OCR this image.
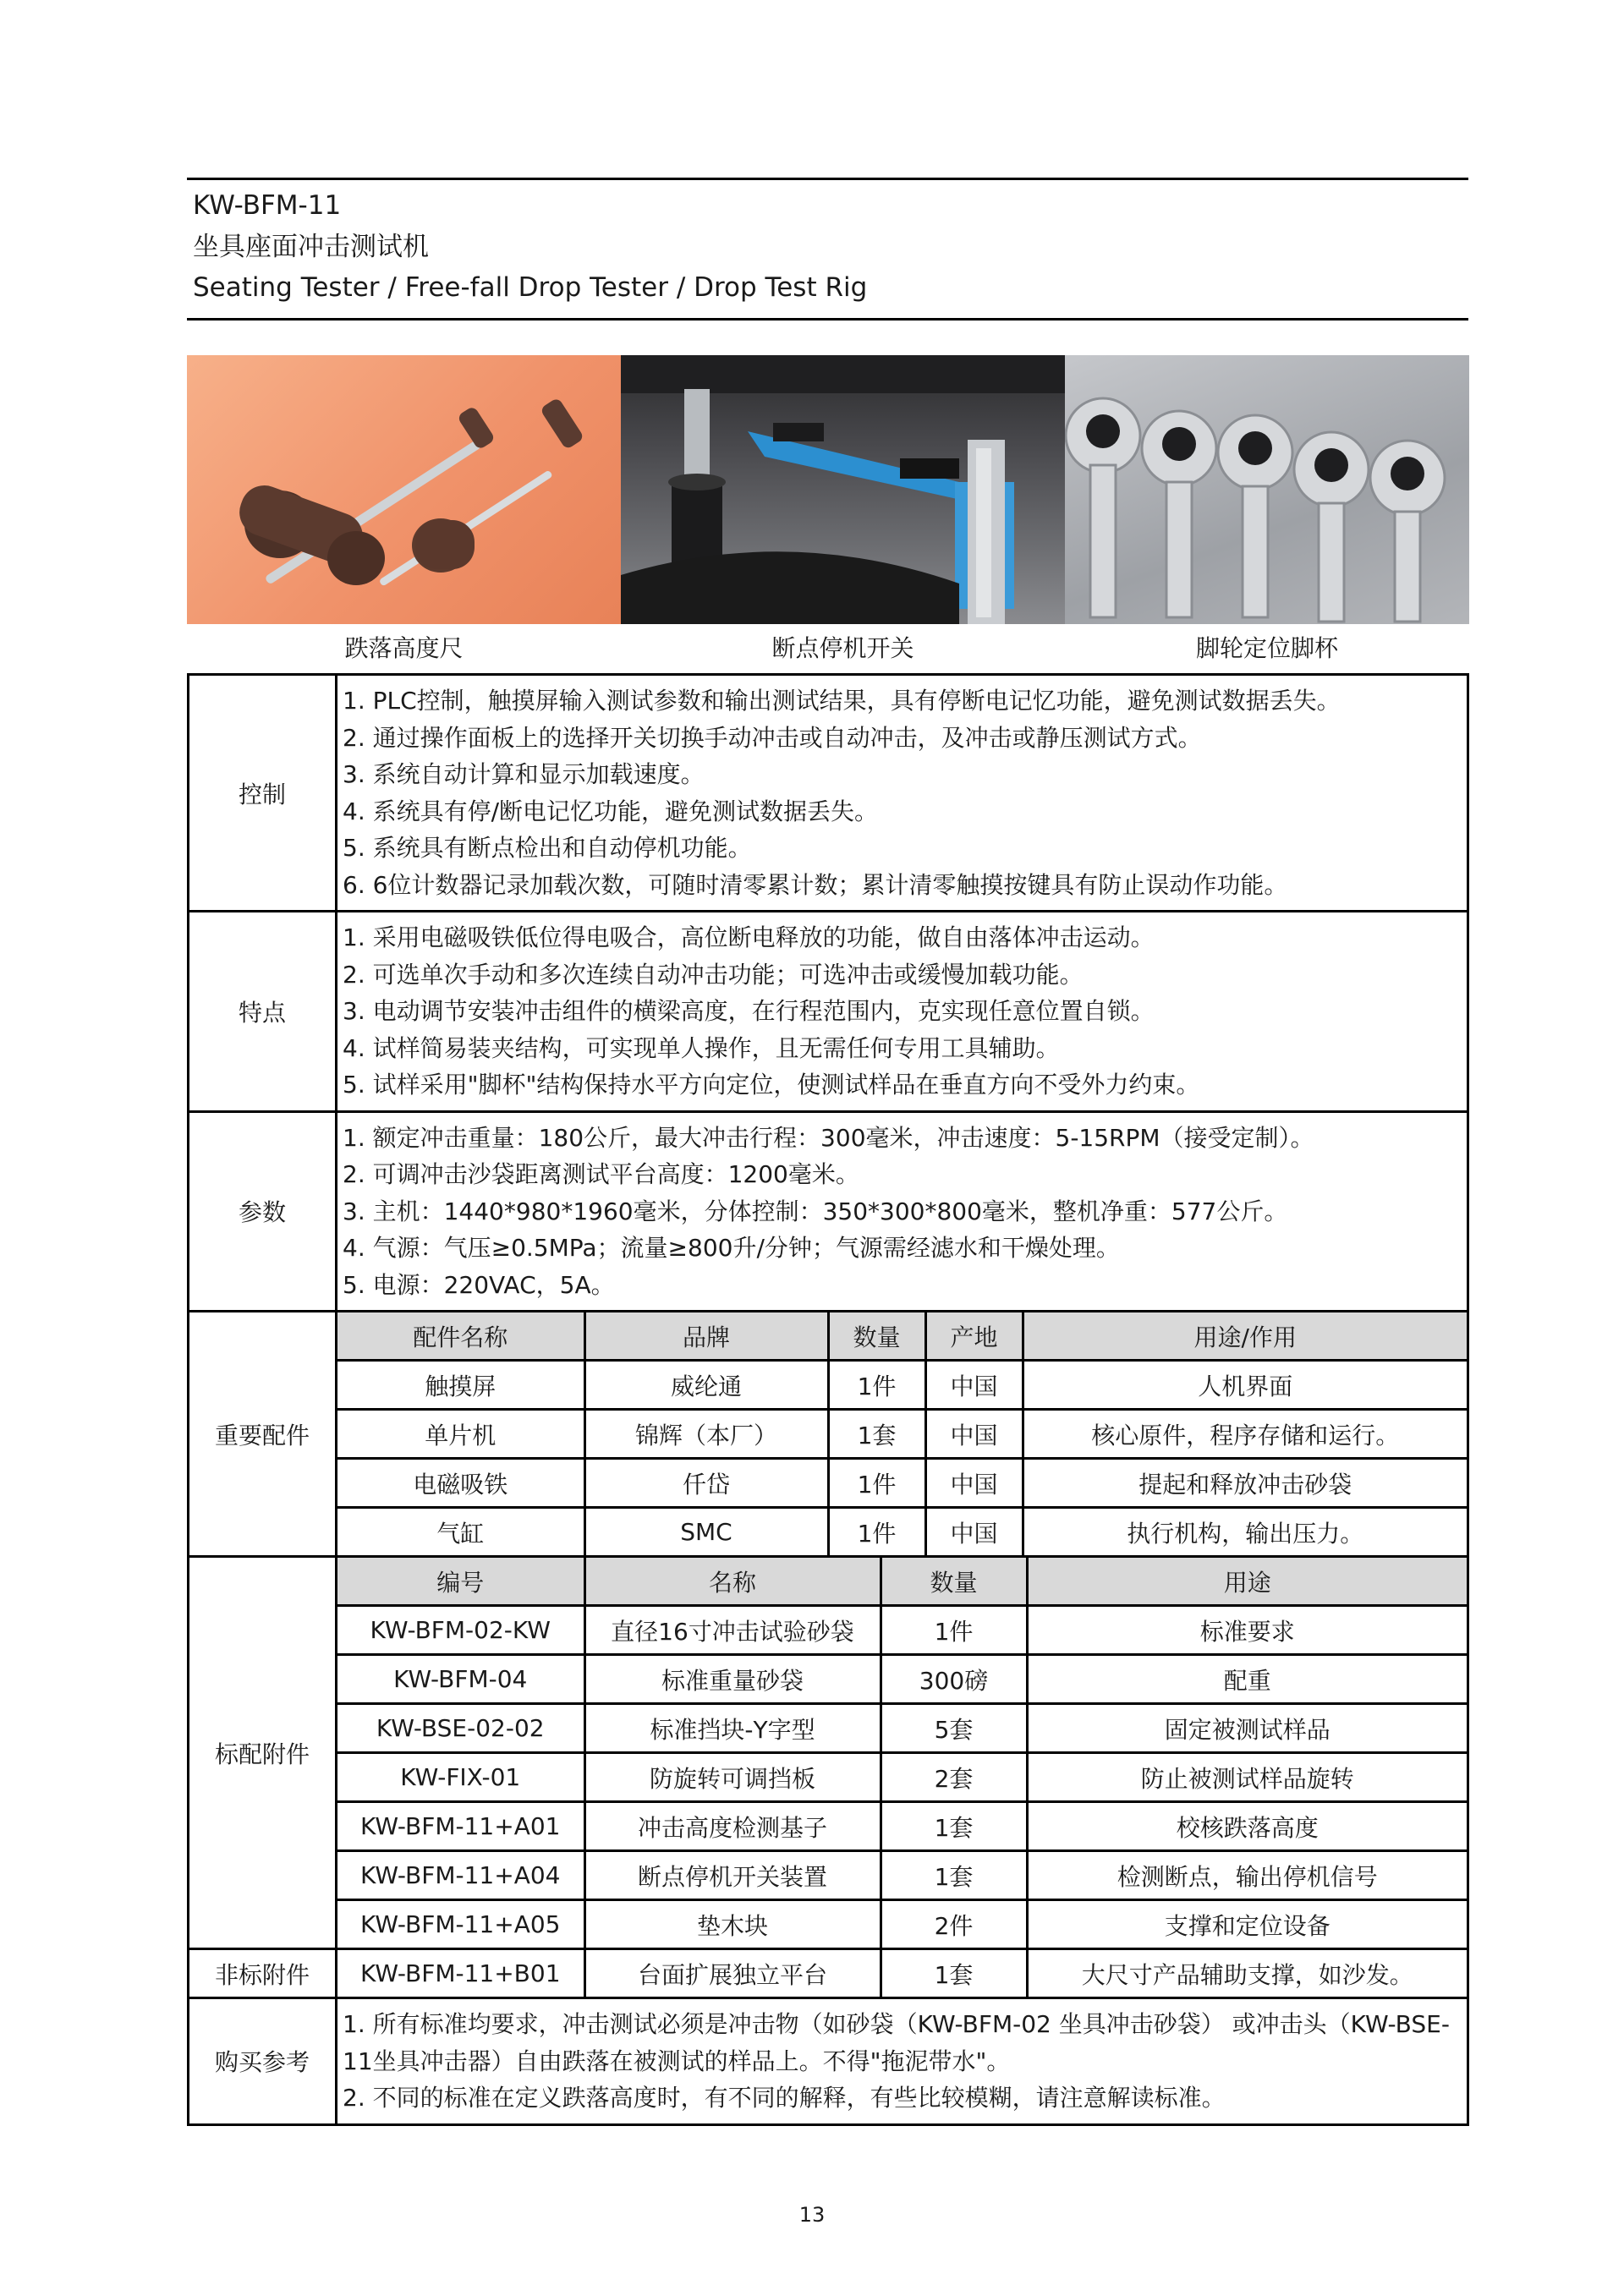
KW-BFM-11
坐具座面冲击测试机
Seating Tester / Free-fall Drop Tester / Drop Test Rig
跌落高度尺	断点停机开关	脚轮定位脚杯
控制	
1. PLC控制，触摸屏输入测试参数和输出测试结果，具有停断电记忆功能，避免测试数据丢失。
2. 通过操作面板上的选择开关切换手动冲击或自动冲击，及冲击或静压测试方式。
3. 系统自动计算和显示加载速度。
4. 系统具有停/断电记忆功能，避免测试数据丢失。
5. 系统具有断点检出和自动停机功能。
6. 6位计数器记录加载次数，可随时清零累计数；累计清零触摸按键具有防止误动作功能。

特点	
1. 采用电磁吸铁低位得电吸合，高位断电释放的功能，做自由落体冲击运动。
2. 可选单次手动和多次连续自动冲击功能；可选冲击或缓慢加载功能。
3. 电动调节安装冲击组件的横梁高度，在行程范围内，克实现任意位置自锁。
4. 试样简易装夹结构，可实现单人操作，且无需任何专用工具辅助。
5. 试样采用"脚杯"结构保持水平方向定位，使测试样品在垂直方向不受外力约束。

参数	
1. 额定冲击重量：180公斤，最大冲击行程：300毫米，冲击速度：5-15RPM（接受定制）。
2. 可调冲击沙袋距离测试平台高度：1200毫米。
3. 主机：1440*980*1960毫米，分体控制：350*300*800毫米，整机净重：577公斤。
4. 气源：气压≥0.5MPa；流量≥800升/分钟；气源需经滤水和干燥处理。
5. 电源：220VAC，5A。

重要配件	
配件名称	品牌	数量	产地	用途/作用
触摸屏	威纶通	1件	中国	人机界面
单片机	锦辉（本厂）	1套	中国	核心原件，程序存储和运行。
电磁吸铁	仟岱	1件	中国	提起和释放冲击砂袋
气缸	SMC	1件	中国	执行机构，输出压力。

标配附件	
编号	名称	数量	用途
KW-BFM-02-KW	直径16寸冲击试验砂袋	1件	标准要求
KW-BFM-04	标准重量砂袋	300磅	配重
KW-BSE-02-02	标准挡块-Y字型	5套	固定被测试样品
KW-FIX-01	防旋转可调挡板	2套	防止被测试样品旋转
KW-BFM-11+A01	冲击高度检测基子	1套	校核跌落高度
KW-BFM-11+A04	断点停机开关装置	1套	检测断点，输出停机信号
KW-BFM-11+A05	垫木块	2件	支撑和定位设备

非标附件	KW-BFM-11+B01	台面扩展独立平台	1套	大尺寸产品辅助支撑，如沙发。

购买参考	
1. 所有标准均要求，冲击测试必须是冲击物（如砂袋（KW-BFM-02 坐具冲击砂袋） 或冲击头（KW-BSE-11坐具冲击器）自由跌落在被测试的样品上。不得"拖泥带水"。
2. 不同的标准在定义跌落高度时，有不同的解释，有些比较模糊，请注意解读标准。
13
